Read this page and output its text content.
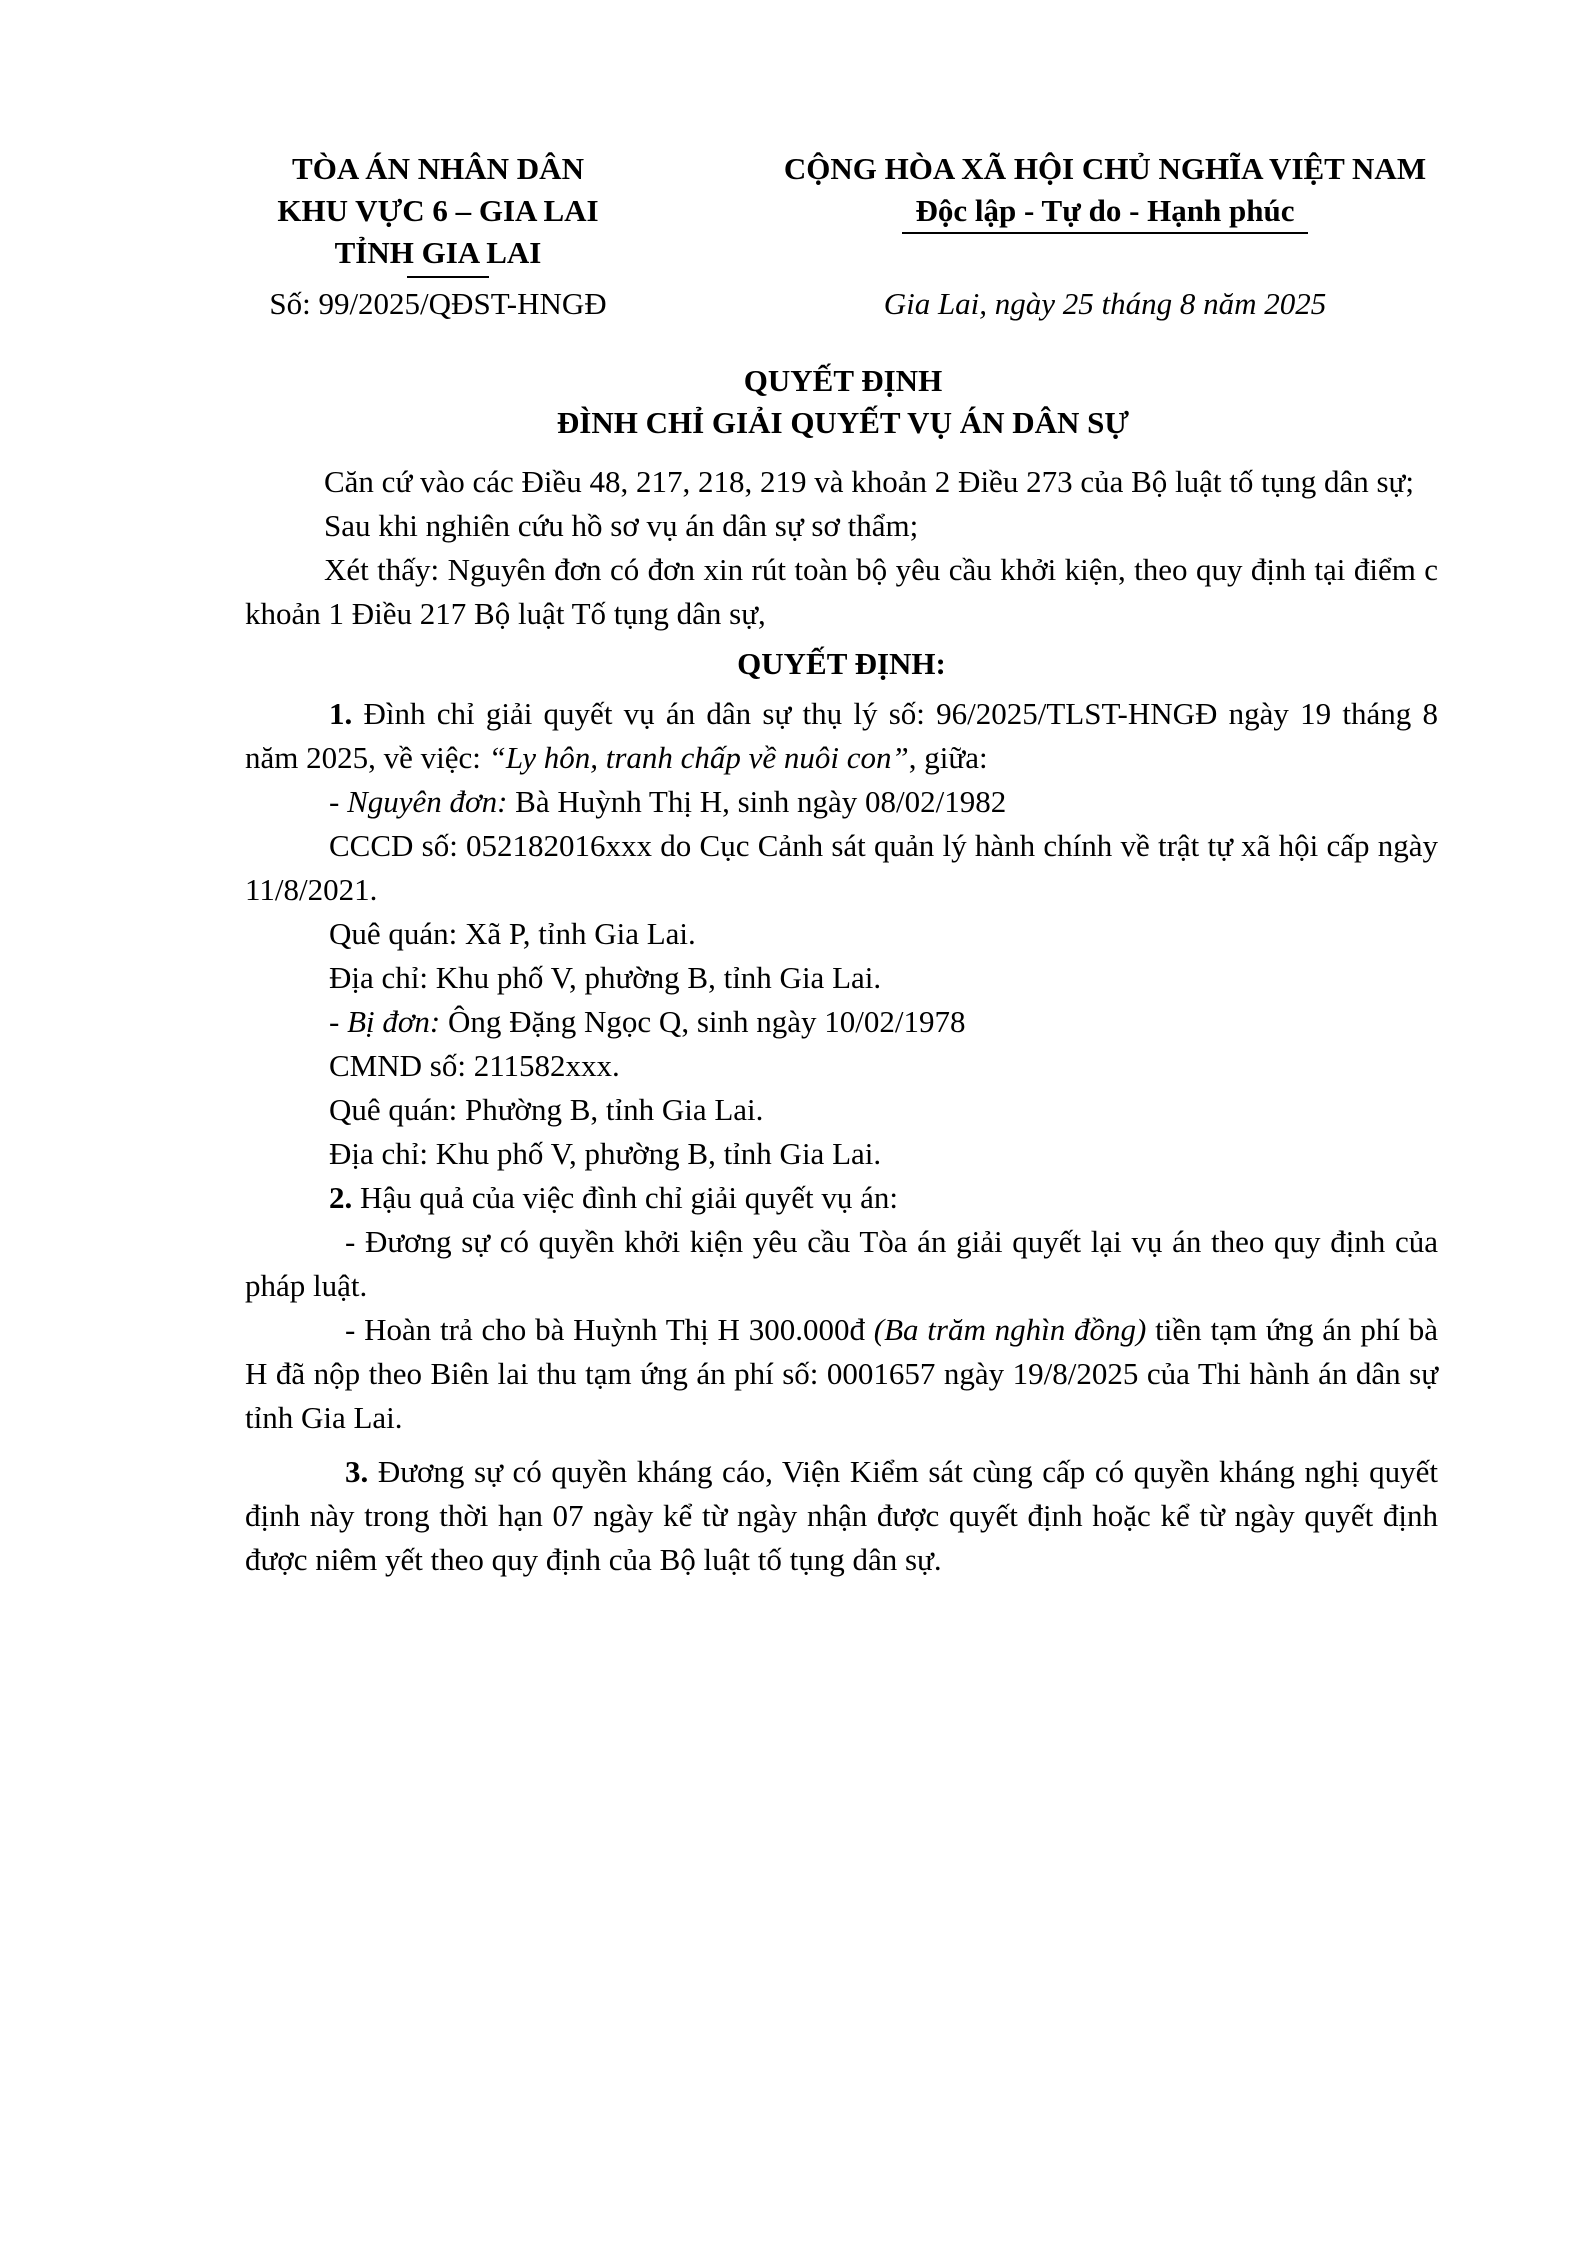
TÒA ÁN NHÂN DÂN
KHU VỰC 6 – GIA LAI
TỈNH GIA LAI
CỘNG HÒA XÃ HỘI CHỦ NGHĨA VIỆT NAM
Độc lập - Tự do - Hạnh phúc
Số: 99/2025/QĐST-HNGĐ	Gia Lai, ngày 25 tháng 8 năm 2025
QUYẾT ĐỊNH
ĐÌNH CHỈ GIẢI QUYẾT VỤ ÁN DÂN SỰ

Căn cứ vào các Điều 48, 217, 218, 219 và khoản 2 Điều 273 của Bộ luật tố tụng dân sự;

Sau khi nghiên cứu hồ sơ vụ án dân sự sơ thẩm;

Xét thấy: Nguyên đơn có đơn xin rút toàn bộ yêu cầu khởi kiện, theo quy định tại điểm c khoản 1 Điều 217 Bộ luật Tố tụng dân sự,

QUYẾT ĐỊNH:

1. Đình chỉ giải quyết vụ án dân sự thụ lý số: 96/2025/TLST-HNGĐ ngày 19 tháng 8 năm 2025, về việc: “Ly hôn, tranh chấp về nuôi con”, giữa:

- Nguyên đơn: Bà Huỳnh Thị H, sinh ngày 08/02/1982

CCCD số: 052182016xxx do Cục Cảnh sát quản lý hành chính về trật tự xã hội cấp ngày 11/8/2021.

Quê quán: Xã P, tỉnh Gia Lai.

Địa chỉ: Khu phố V, phường B, tỉnh Gia Lai.

- Bị đơn: Ông Đặng Ngọc Q, sinh ngày 10/02/1978

CMND số: 211582xxx.

Quê quán: Phường B, tỉnh Gia Lai.

Địa chỉ: Khu phố V, phường B, tỉnh Gia Lai.

2. Hậu quả của việc đình chỉ giải quyết vụ án:

- Đương sự có quyền khởi kiện yêu cầu Tòa án giải quyết lại vụ án theo quy định của pháp luật.

- Hoàn trả cho bà Huỳnh Thị H 300.000đ (Ba trăm nghìn đồng) tiền tạm ứng án phí bà H đã nộp theo Biên lai thu tạm ứng án phí số: 0001657 ngày 19/8/2025 của Thi hành án dân sự tỉnh Gia Lai.

3. Đương sự có quyền kháng cáo, Viện Kiểm sát cùng cấp có quyền kháng nghị quyết định này trong thời hạn 07 ngày kể từ ngày nhận được quyết định hoặc kể từ ngày quyết định được niêm yết theo quy định của Bộ luật tố tụng dân sự.
